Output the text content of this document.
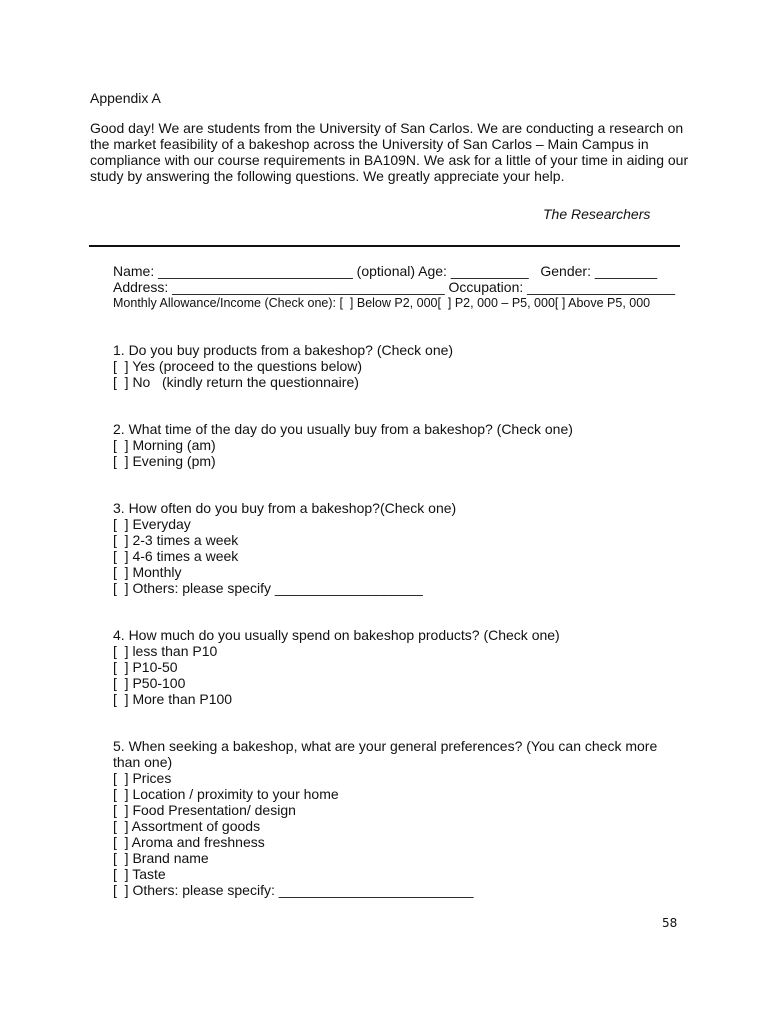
Appendix A

Good day! We are students from the University of San Carlos. We are conducting a research on the market feasibility of a bakeshop across the University of San Carlos – Main Campus in compliance with our course requirements in BA109N. We ask for a little of your time in aiding our study by answering the following questions. We greatly appreciate your help.

The Researchers
Name: _________________________ (optional) Age: __________   Gender: ________
Address: ___________________________________ Occupation: ___________________
Monthly Allowance/Income (Check one): [  ] Below P2, 000[  ] P2, 000 – P5, 000[ ] Above P5, 000
1. Do you buy products from a bakeshop? (Check one)
[  ] Yes (proceed to the questions below)
[  ] No   (kindly return the questionnaire)
2. What time of the day do you usually buy from a bakeshop? (Check one)
[  ] Morning (am)
[  ] Evening (pm)
3. How often do you buy from a bakeshop?(Check one)
[  ] Everyday
[  ] 2-3 times a week
[  ] 4-6 times a week
[  ] Monthly
[  ] Others: please specify ___________________
4. How much do you usually spend on bakeshop products? (Check one)
[  ] less than P10
[  ] P10-50
[  ] P50-100
[  ] More than P100
5. When seeking a bakeshop, what are your general preferences? (You can check more than one)
[  ] Prices
[  ] Location / proximity to your home
[  ] Food Presentation/ design
[  ] Assortment of goods
[  ] Aroma and freshness
[  ] Brand name
[  ] Taste
[  ] Others: please specify: _________________________
58
